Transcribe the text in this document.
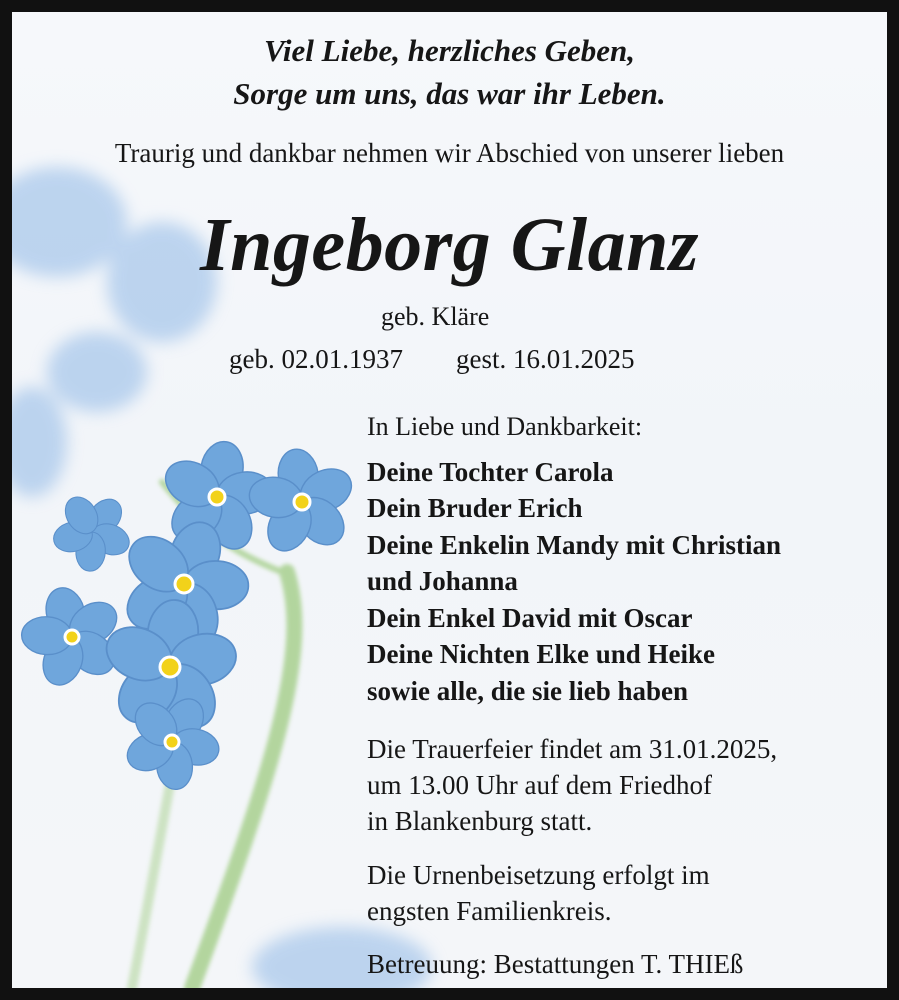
Viel Liebe, herzliches Geben,
Sorge um uns, das war ihr Leben.
Traurig und dankbar nehmen wir Abschied von unserer lieben
Ingeborg Glanz
geb. Kläre
geb. 02.01.1937 gest. 16.01.2025
In Liebe und Dankbarkeit:
Deine Tochter Carola
Dein Bruder Erich
Deine Enkelin Mandy mit Christian
und Johanna
Dein Enkel David mit Oscar
Deine Nichten Elke und Heike
sowie alle, die sie lieb haben
Die Trauerfeier findet am 31.01.2025,
um 13.00 Uhr auf dem Friedhof
in Blankenburg statt.
Die Urnenbeisetzung erfolgt im
engsten Familienkreis.
Betreuung: Bestattungen T. THIEß
